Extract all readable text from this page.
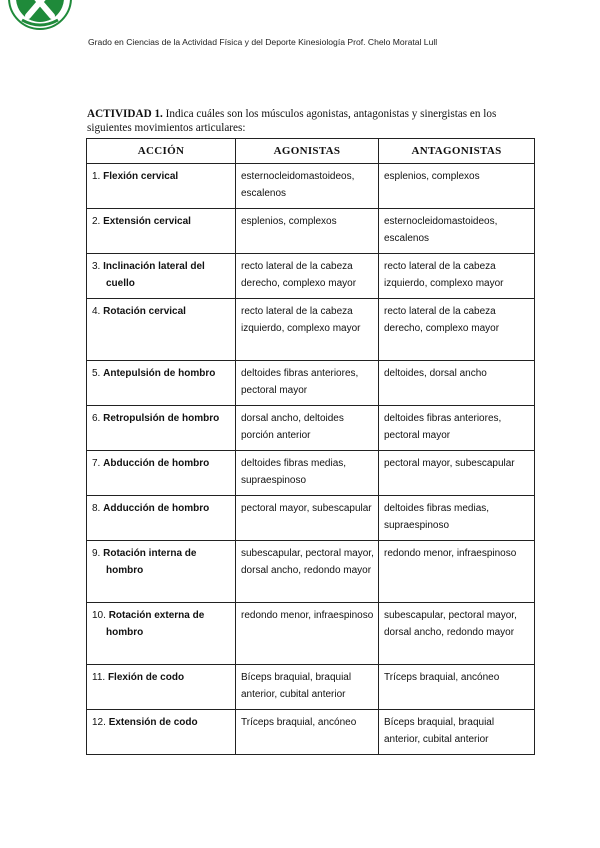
Grado en Ciencias de la Actividad Física y del Deporte Kinesiología Prof. Chelo Moratal Lull
ACTIVIDAD 1. Indica cuáles son los músculos agonistas, antagonistas y sinergistas en los siguientes movimientos articulares:
ACCIÓN	AGONISTAS	ANTAGONISTAS

1. Flexión cervical	esternocleidomastoideos, escalenos	esplenios, complexos

2. Extensión cervical	esplenios, complexos	esternocleidomastoideos, escalenos

3. Inclinación lateral del cuello	recto lateral de la cabeza derecho, complexo mayor	recto lateral de la cabeza izquierdo, complexo mayor

4. Rotación cervical	recto lateral de la cabeza izquierdo, complexo mayor	recto lateral de la cabeza derecho, complexo mayor

5. Antepulsión de hombro	deltoides fibras anteriores, pectoral mayor	deltoides, dorsal ancho

6. Retropulsión de hombro	dorsal ancho, deltoides porción anterior	deltoides fibras anteriores, pectoral mayor

7. Abducción de hombro	deltoides fibras medias, supraespinoso	pectoral mayor, subescapular

8. Adducción de hombro	pectoral mayor, subescapular	deltoides fibras medias, supraespinoso

9. Rotación interna de hombro	subescapular, pectoral mayor, dorsal ancho, redondo mayor	redondo menor, infraespinoso

10. Rotación externa de hombro	redondo menor, infraespinoso	subescapular, pectoral mayor, dorsal ancho, redondo mayor

11. Flexión de codo	Bíceps braquial, braquial anterior, cubital anterior	Tríceps braquial, ancóneo

12. Extensión de codo	Tríceps braquial, ancóneo	Bíceps braquial, braquial anterior, cubital anterior
